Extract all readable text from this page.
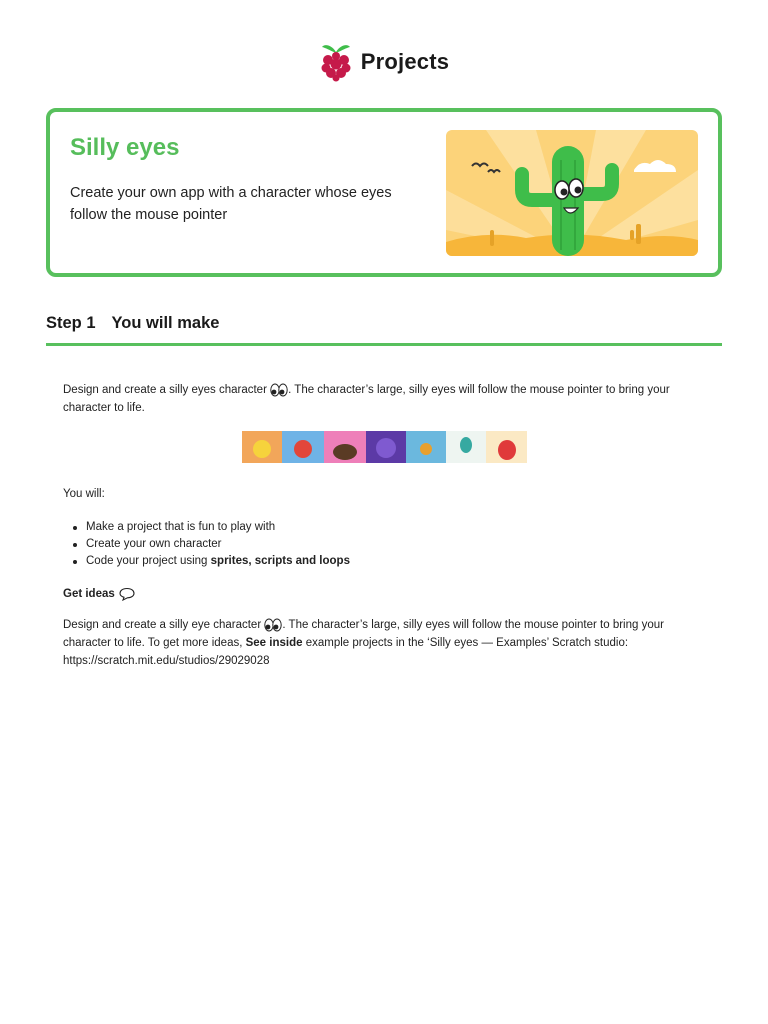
Projects
Silly eyes
Create your own app with a character whose eyes follow the mouse pointer
Step 1 You will make

Design and create a silly eyes character . The character’s large, silly eyes will follow the mouse pointer to bring your character to life.

You will:

Make a project that is fun to play with
Create your own character
Code your project using sprites, scripts and loops

Get ideas

Design and create a silly eye character . The character’s large, silly eyes will follow the mouse pointer to bring your character to life. To get more ideas, See inside example projects in the ‘Silly eyes — Examples’ Scratch studio: https://scratch.mit.edu/studios/29029028
